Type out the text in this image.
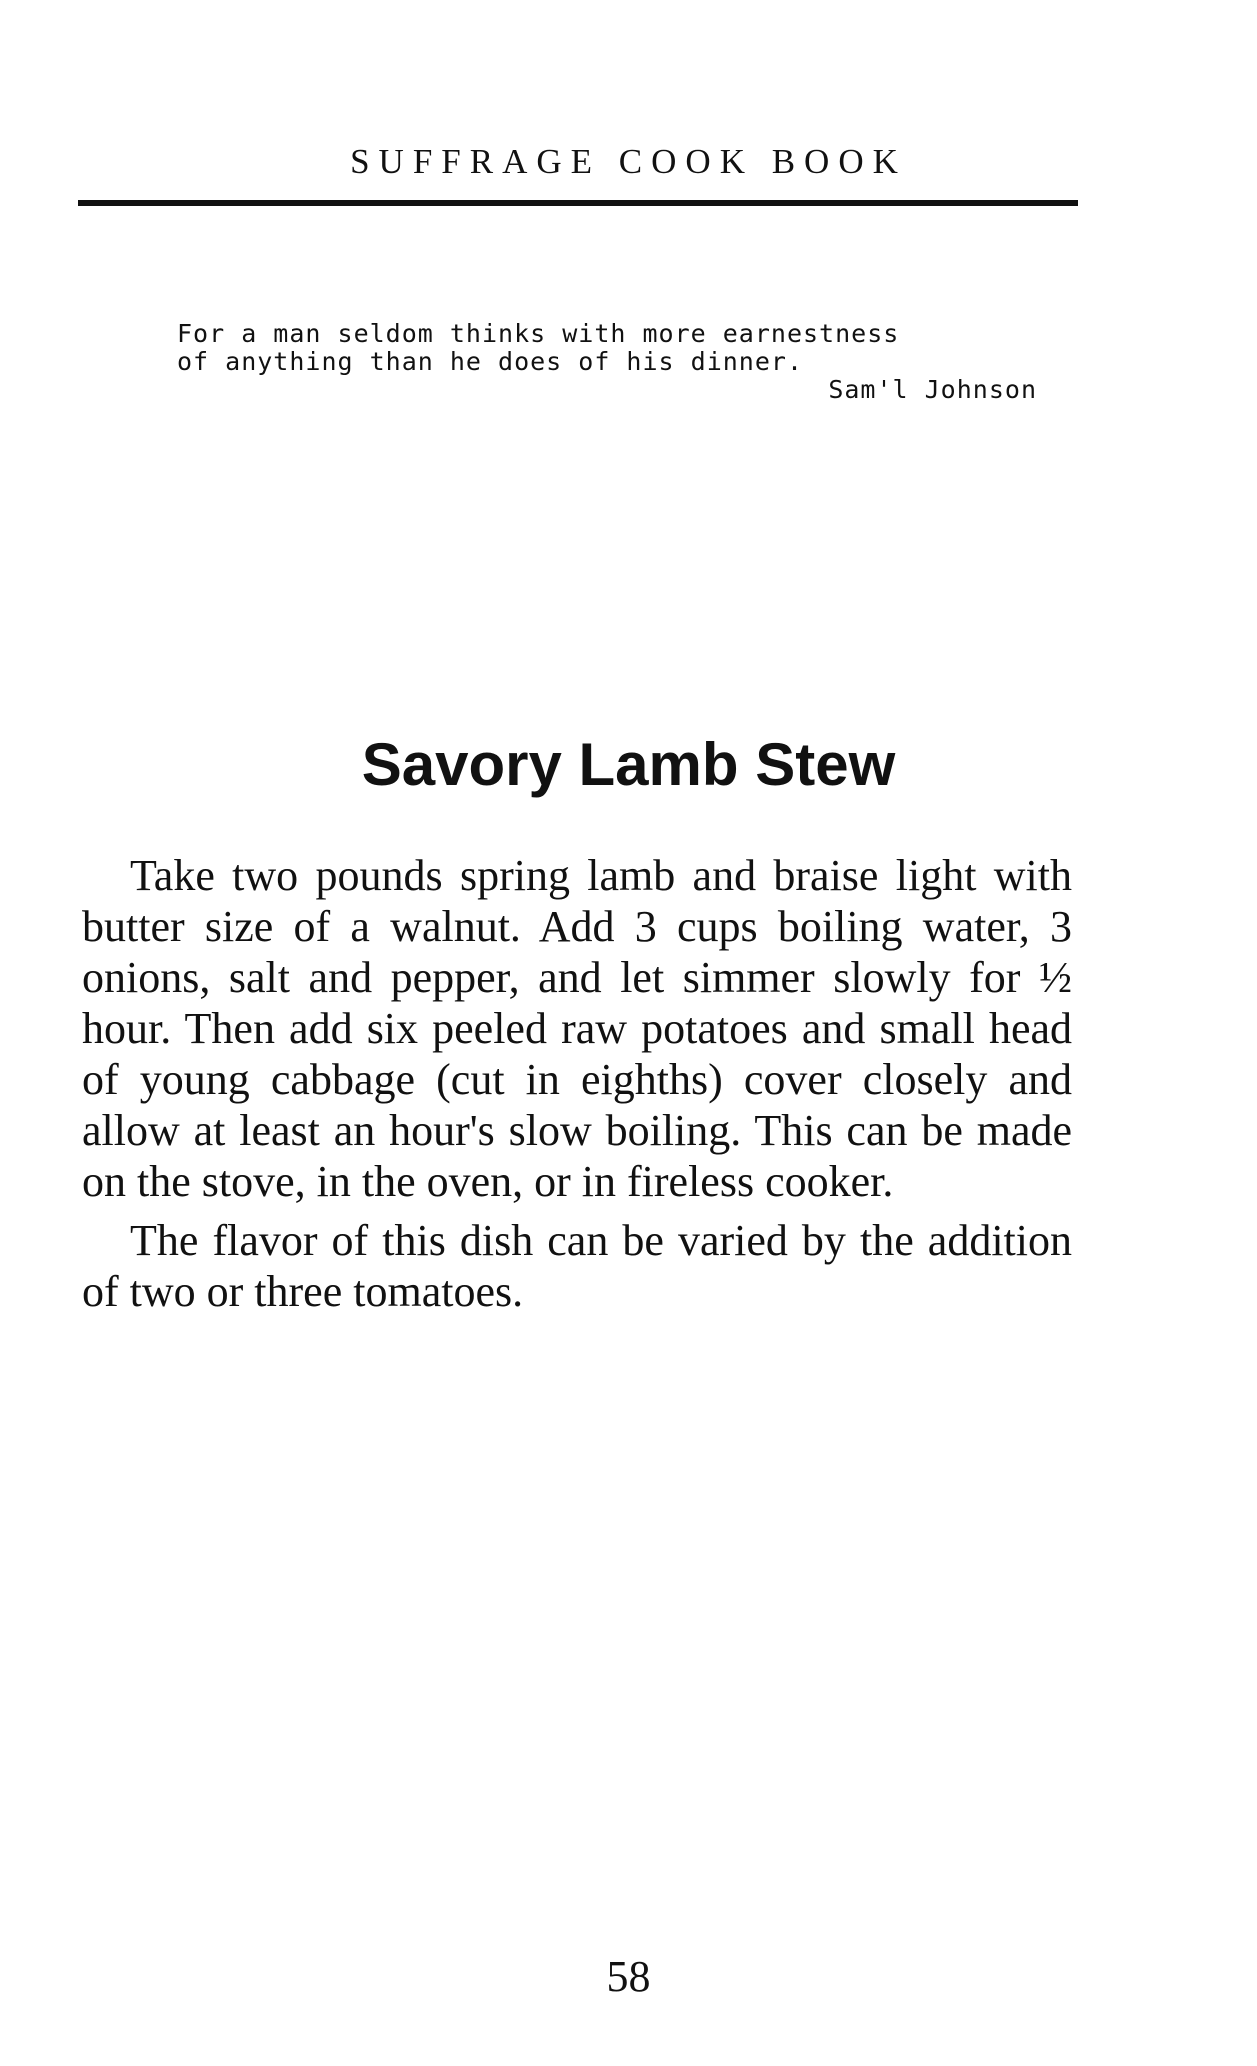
SUFFRAGE COOK BOOK
For a man seldom thinks with more earnestness
of anything than he does of his dinner.
Sam'l Johnson
Savory Lamb Stew

Take two pounds spring lamb and braise light with butter size of a walnut. Add 3 cups boiling water, 3 onions, salt and pepper, and let simmer slowly for ½ hour. Then add six peeled raw potatoes and small head of young cabbage (cut in eighths) cover closely and allow at least an hour's slow boiling. This can be made on the stove, in the oven, or in fireless cooker.

The flavor of this dish can be varied by the addition of two or three tomatoes.

58
